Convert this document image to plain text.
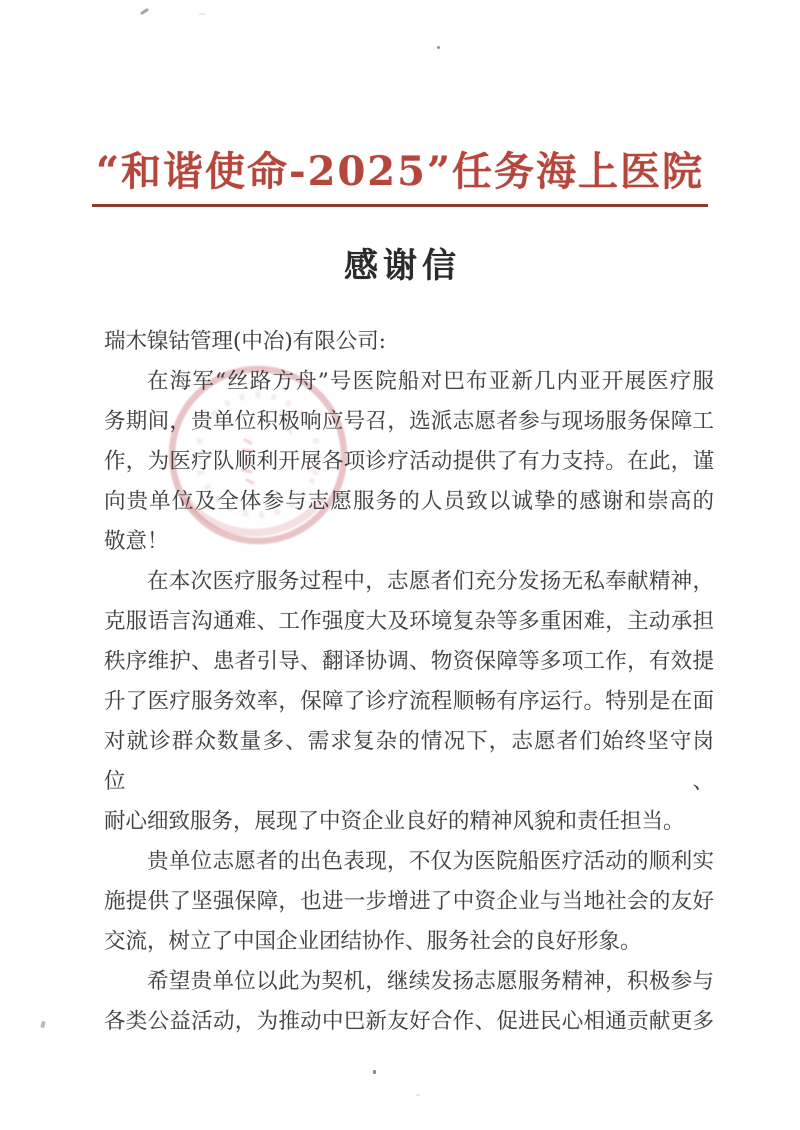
“和谐使命-2025”任务海上医院
感谢信
瑞木镍钴管理(中冶)有限公司:
在海军“丝路方舟”号医院船对巴布亚新几内亚开展医疗服
务期间，贵单位积极响应号召，选派志愿者参与现场服务保障工
作，为医疗队顺利开展各项诊疗活动提供了有力支持。在此，谨
向贵单位及全体参与志愿服务的人员致以诚挚的感谢和崇高的
敬意！
在本次医疗服务过程中，志愿者们充分发扬无私奉献精神，
克服语言沟通难、工作强度大及环境复杂等多重困难，主动承担
秩序维护、患者引导、翻译协调、物资保障等多项工作，有效提
升了医疗服务效率，保障了诊疗流程顺畅有序运行。特别是在面
对就诊群众数量多、需求复杂的情况下，志愿者们始终坚守岗位、
耐心细致服务，展现了中资企业良好的精神风貌和责任担当。
贵单位志愿者的出色表现，不仅为医院船医疗活动的顺利实
施提供了坚强保障，也进一步增进了中资企业与当地社会的友好
交流，树立了中国企业团结协作、服务社会的良好形象。
希望贵单位以此为契机，继续发扬志愿服务精神，积极参与
各类公益活动，为推动中巴新友好合作、促进民心相通贡献更多
